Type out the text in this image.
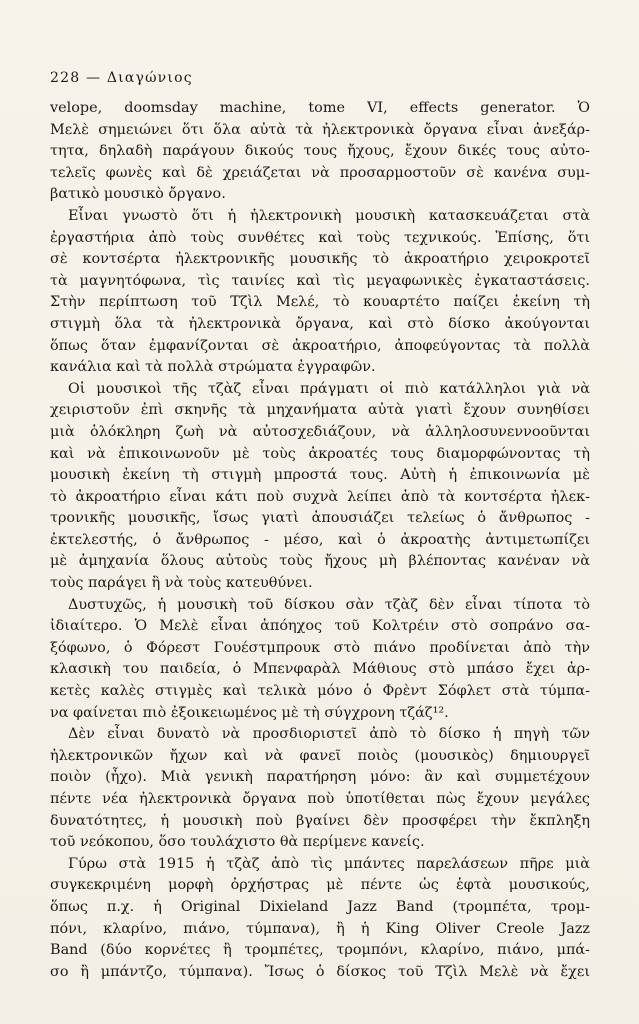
228 — Διαγώνιος
velope, doomsday machine, tome VI, effects generator. Ὁ
Μελὲ σημειώνει ὅτι ὅλα αὐτὰ τὰ ἠλεκτρονικὰ ὄργανα εἶναι ἀνεξάρ-
τητα, δηλαδὴ παράγουν δικούς τους ἤχους, ἔχουν δικές τους αὐτο-
τελεῖς φωνὲς καὶ δὲ χρειάζεται νὰ προσαρμοστοῦν σὲ κανένα συμ-
βατικὸ μουσικὸ ὄργανο.
Εἶναι γνωστὸ ὅτι ἡ ἠλεκτρονικὴ μουσικὴ κατασκευάζεται στὰ
ἐργαστήρια ἀπὸ τοὺς συνθέτες καὶ τοὺς τεχνικούς. Ἐπίσης, ὅτι
σὲ κοντσέρτα ἠλεκτρονικῆς μουσικῆς τὸ ἀκροατήριο χειροκροτεῖ
τὰ μαγνητόφωνα, τὶς ταινίες καὶ τὶς μεγαφωνικὲς ἐγκαταστάσεις.
Στὴν περίπτωση τοῦ Τζὶλ Μελέ, τὸ κουαρτέτο παίζει ἐκείνη τὴ
στιγμὴ ὅλα τὰ ἠλεκτρονικὰ ὄργανα, καὶ στὸ δίσκο ἀκούγονται
ὅπως ὅταν ἐμφανίζονται σὲ ἀκροατήριο, ἀποφεύγοντας τὰ πολλὰ
κανάλια καὶ τὰ πολλὰ στρώματα ἐγγραφῶν.
Οἱ μουσικοὶ τῆς τζὰζ εἶναι πράγματι οἱ πιὸ κατάλληλοι γιὰ νὰ
χειριστοῦν ἐπὶ σκηνῆς τὰ μηχανήματα αὐτὰ γιατὶ ἔχουν συνηθίσει
μιὰ ὁλόκληρη ζωὴ νὰ αὐτοσχεδιάζουν, νὰ ἀλληλοσυνεννοοῦνται
καὶ νὰ ἐπικοινωνοῦν μὲ τοὺς ἀκροατές τους διαμορφώνοντας τὴ
μουσικὴ ἐκείνη τὴ στιγμὴ μπροστά τους. Αὐτὴ ἡ ἐπικοινωνία μὲ
τὸ ἀκροατήριο εἶναι κάτι ποὺ συχνὰ λείπει ἀπὸ τὰ κοντσέρτα ἠλεκ-
τρονικῆς μουσικῆς, ἴσως γιατὶ ἀπουσιάζει τελείως ὁ ἄνθρωπος -
ἐκτελεστής, ὁ ἄνθρωπος - μέσο, καὶ ὁ ἀκροατὴς ἀντιμετωπίζει
μὲ ἀμηχανία ὅλους αὐτοὺς τοὺς ἤχους μὴ βλέποντας κανέναν νὰ
τοὺς παράγει ἢ νὰ τοὺς κατευθύνει.
Δυστυχῶς, ἡ μουσικὴ τοῦ δίσκου σὰν τζὰζ δὲν εἶναι τίποτα τὸ
ἰδιαίτερο. Ὁ Μελὲ εἶναι ἀπόηχος τοῦ Κολτρέιν στὸ σοπράνο σα-
ξόφωνο, ὁ Φόρεστ Γουέστμπρουκ στὸ πιάνο προδίνεται ἀπὸ τὴν
κλασικὴ του παιδεία, ὁ Μπενφαρὰλ Μάθιους στὸ μπάσο ἔχει ἀρ-
κετὲς καλὲς στιγμὲς καὶ τελικὰ μόνο ὁ Φρὲντ Σόφλετ στὰ τύμπα-
να φαίνεται πιὸ ἐξοικειωμένος μὲ τὴ σύγχρονη τζάζ¹².
Δὲν εἶναι δυνατὸ νὰ προσδιοριστεῖ ἀπὸ τὸ δίσκο ἡ πηγὴ τῶν
ἠλεκτρονικῶν ἤχων καὶ νὰ φανεῖ ποιὸς (μουσικὸς) δημιουργεῖ
ποιὸν (ἦχο). Μιὰ γενικὴ παρατήρηση μόνο: ἂν καὶ συμμετέχουν
πέντε νέα ἠλεκτρονικὰ ὄργανα ποὺ ὑποτίθεται πὼς ἔχουν μεγάλες
δυνατότητες, ἡ μουσικὴ ποὺ βγαίνει δὲν προσφέρει τὴν ἔκπληξη
τοῦ νεόκοπου, ὅσο τουλάχιστο θὰ περίμενε κανείς.
Γύρω στὰ 1915 ἡ τζὰζ ἀπὸ τὶς μπάντες παρελάσεων πῆρε μιὰ
συγκεκριμένη μορφὴ ὀρχήστρας μὲ πέντε ὡς ἑφτὰ μουσικούς,
ὅπως π.χ. ἡ Original Dixieland Jazz Band (τρομπέτα, τρομ-
πόνι, κλαρίνο, πιάνο, τύμπανα), ἢ ἡ King Oliver Creole Jazz
Band (δύο κορνέτες ἢ τρομπέτες, τρομπόνι, κλαρίνο, πιάνο, μπά-
σο ἢ μπάντζο, τύμπανα). Ἴσως ὁ δίσκος τοῦ Τζὶλ Μελὲ νὰ ἔχει
